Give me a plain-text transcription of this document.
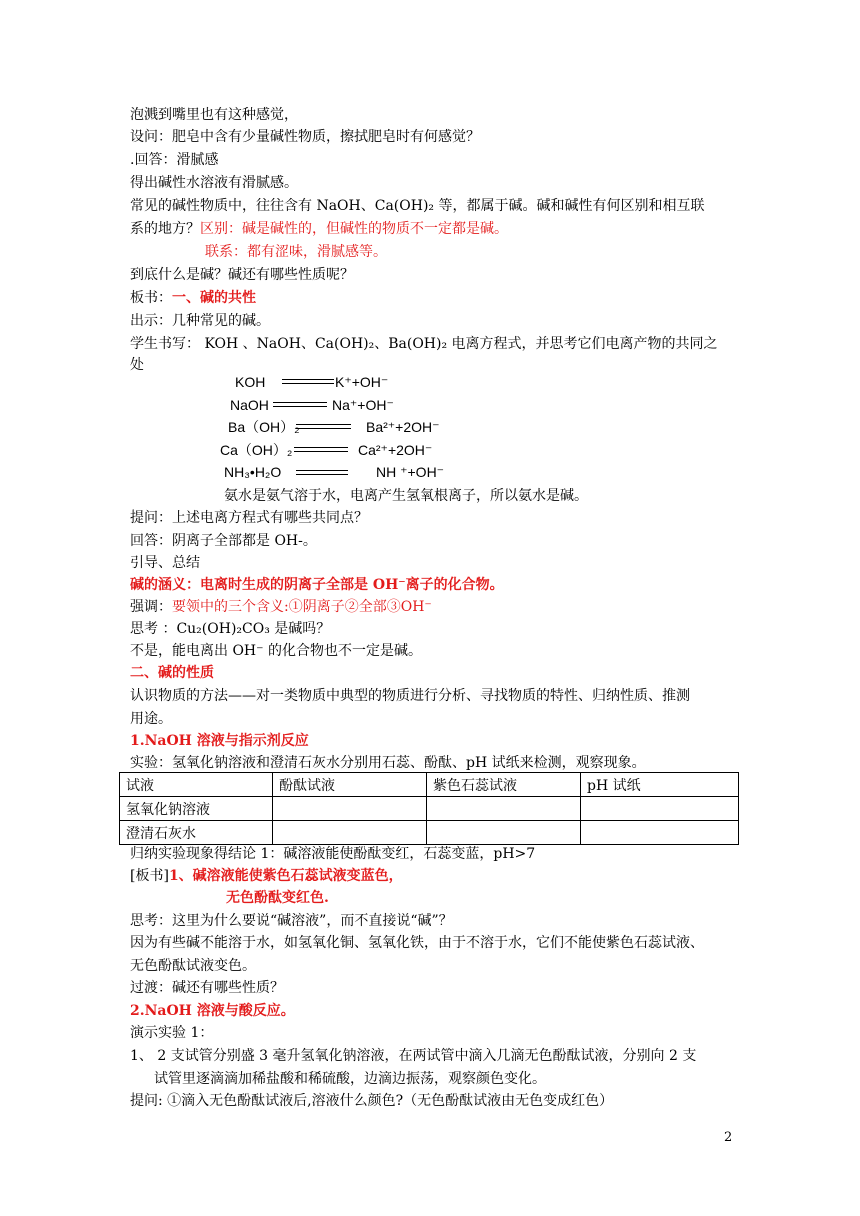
泡溅到嘴里也有这种感觉，
设问：肥皂中含有少量碱性物质，擦拭肥皂时有何感觉？
.回答：滑腻感
得出碱性水溶液有滑腻感。
常见的碱性物质中，往往含有 NaOH、Ca(OH)₂ 等，都属于碱。碱和碱性有何区别和相互联
系的地方？区别：碱是碱性的，但碱性的物质不一定都是碱。
联系：都有涩味，滑腻感等。
到底什么是碱？碱还有哪些性质呢？
板书：一、碱的共性
出示：几种常见的碱。
学生书写： KOH 、NaOH、Ca(OH)₂、Ba(OH)₂ 电离方程式，并思考它们电离产物的共同之
处
KOH	K⁺+OH⁻
NaOH	Na⁺+OH⁻
Ba（OH）₂	Ba²⁺+2OH⁻
Ca（OH）₂	Ca²⁺+2OH⁻
NH₃•H₂O	NH ⁺+OH⁻
氨水是氨气溶于水，电离产生氢氧根离子，所以氨水是碱。
提问：上述电离方程式有哪些共同点？
回答：阴离子全部都是 OH-。
引导、总结
碱的涵义：电离时生成的阴离子全部是 OH⁻离子的化合物。
强调：要领中的三个含义:①阴离子②全部③OH⁻
思考 ：Cu₂(OH)₂CO₃ 是碱吗？
不是，能电离出 OH⁻ 的化合物也不一定是碱。
二、碱的性质
认识物质的方法——对一类物质中典型的物质进行分析、寻找物质的特性、归纳性质、推测
用途。
1.NaOH 溶液与指示剂反应
实验：氢氧化钠溶液和澄清石灰水分别用石蕊、酚酞、pH 试纸来检测，观察现象。
试液	酚酞试液	紫色石蕊试液	pH 试纸
氢氧化钠溶液			
澄清石灰水			
归纳实验现象得结论 1：碱溶液能使酚酞变红，石蕊变蓝，pH>7
[板书]1、碱溶液能使紫色石蕊试液变蓝色，
无色酚酞变红色.
思考：这里为什么要说“碱溶液”，而不直接说“碱”？
因为有些碱不能溶于水，如氢氧化铜、氢氧化铁，由于不溶于水，它们不能使紫色石蕊试液、
无色酚酞试液变色。
过渡：碱还有哪些性质？
2.NaOH 溶液与酸反应。
演示实验 1：
1、 2 支试管分别盛 3 毫升氢氧化钠溶液，在两试管中滴入几滴无色酚酞试液，分别向 2 支
试管里逐滴滴加稀盐酸和稀硫酸，边滴边振荡，观察颜色变化。
提问: ①滴入无色酚酞试液后,溶液什么颜色?（无色酚酞试液由无色变成红色）
2
